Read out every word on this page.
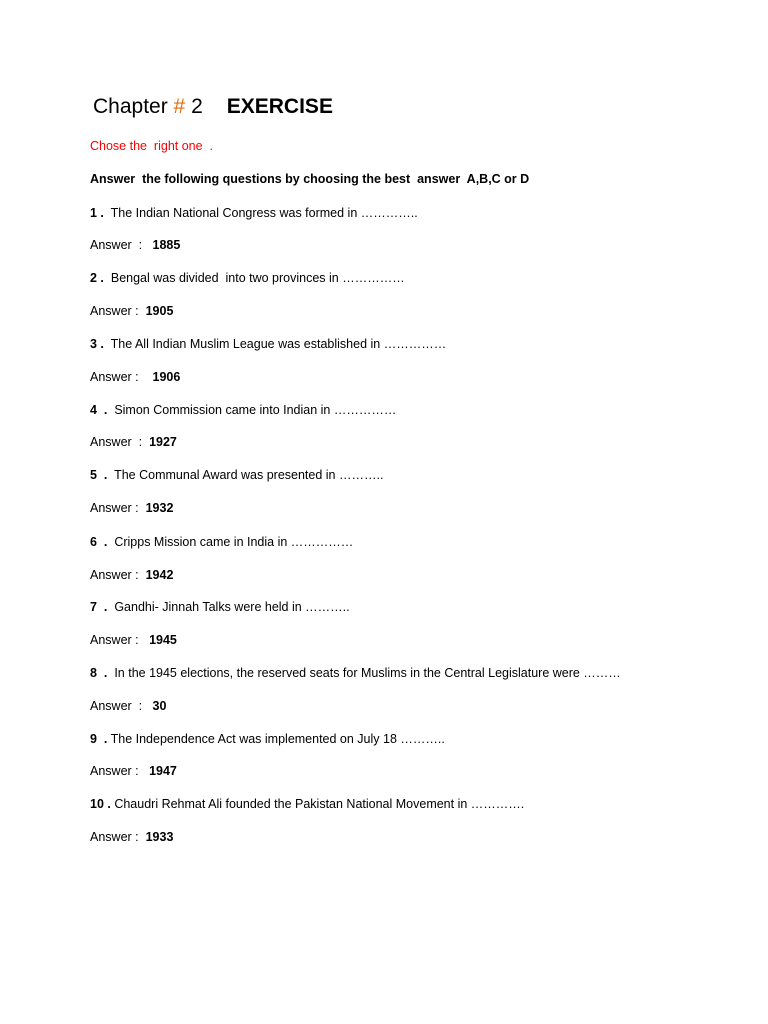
Chapter # 2 EXERCISE
Chose the  right one  .
Answer  the following questions by choosing the best  answer  A,B,C or D
1 .  The Indian National Congress was formed in …………..
Answer  :   1885
2 .  Bengal was divided  into two provinces in ……………
Answer :  1905
3 .  The All Indian Muslim League was established in ……………
Answer :    1906
4  .  Simon Commission came into Indian in ……………
Answer  :  1927
5  .  The Communal Award was presented in ………..
Answer :  1932
6  .  Cripps Mission came in India in ……………
Answer :  1942
7  .  Gandhi- Jinnah Talks were held in ………..
Answer :   1945
8  .  In the 1945 elections, the reserved seats for Muslims in the Central Legislature were ………
Answer  :   30
9  . The Independence Act was implemented on July 18 ………..
Answer :   1947
10 . Chaudri Rehmat Ali founded the Pakistan National Movement in ………….
Answer :  1933
